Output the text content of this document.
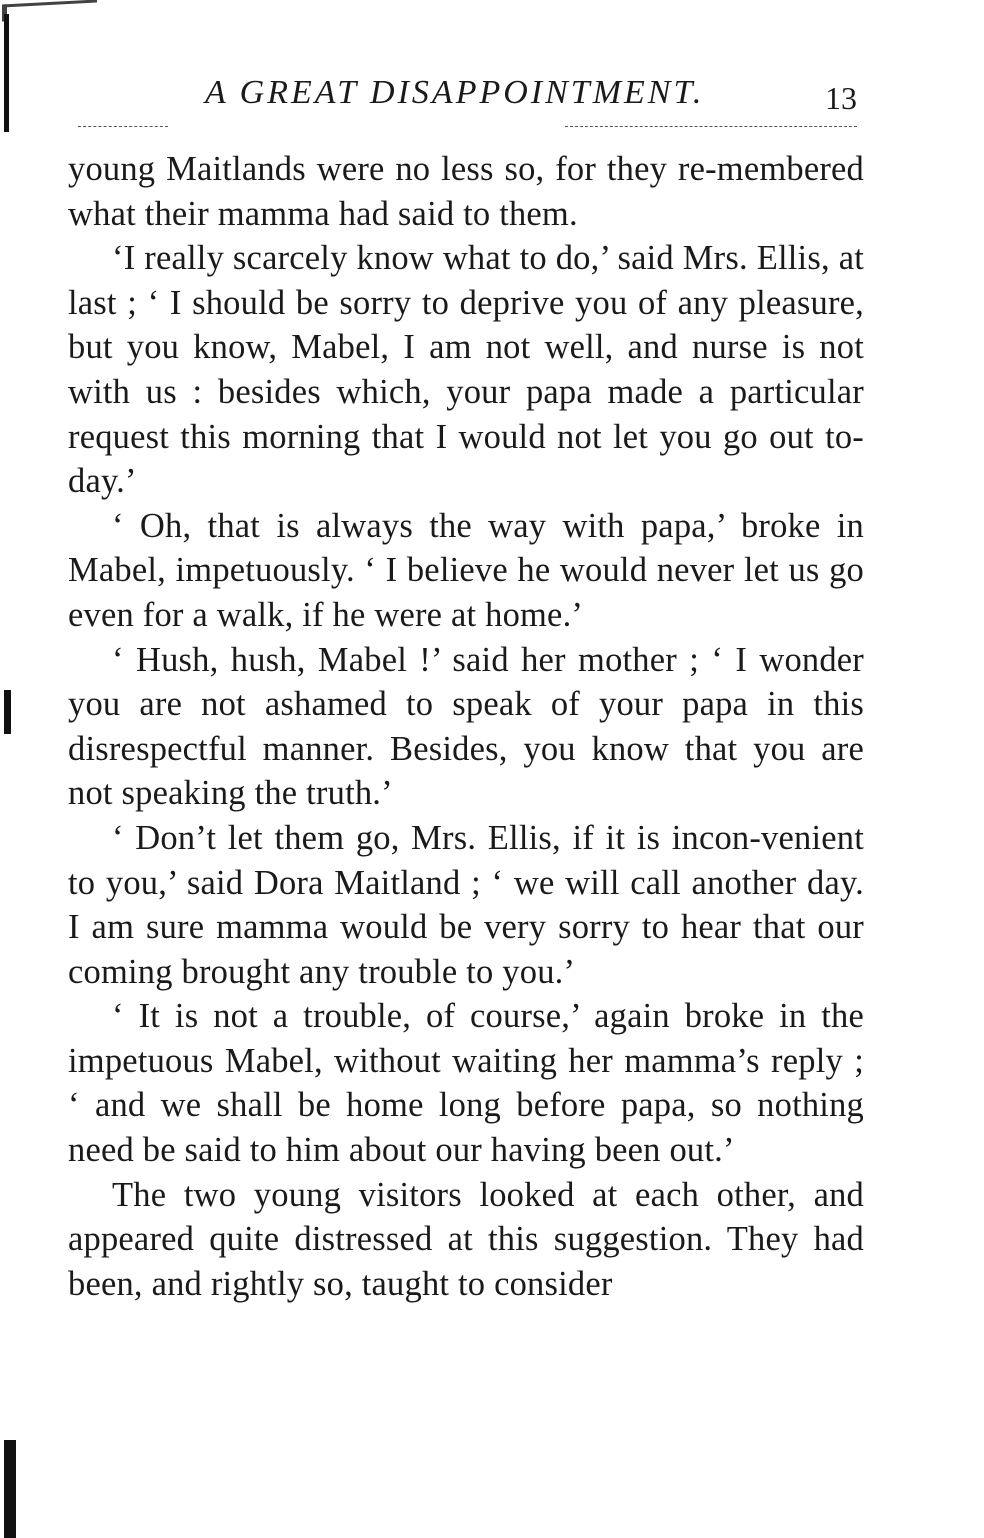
A GREAT DISAPPOINTMENT.	13

young Maitlands were no less so, for they re-membered what their mamma had said to them.

‘I really scarcely know what to do,’ said Mrs. Ellis, at last ; ‘ I should be sorry to deprive you of any pleasure, but you know, Mabel, I am not well, and nurse is not with us : besides which, your papa made a particular request this morning that I would not let you go out to-day.’

‘ Oh, that is always the way with papa,’ broke in Mabel, impetuously. ‘ I believe he would never let us go even for a walk, if he were at home.’

‘ Hush, hush, Mabel !’ said her mother ; ‘ I wonder you are not ashamed to speak of your papa in this disrespectful manner. Besides, you know that you are not speaking the truth.’

‘ Don’t let them go, Mrs. Ellis, if it is incon-venient to you,’ said Dora Maitland ; ‘ we will call another day. I am sure mamma would be very sorry to hear that our coming brought any trouble to you.’

‘ It is not a trouble, of course,’ again broke in the impetuous Mabel, without waiting her mamma’s reply ; ‘ and we shall be home long before papa, so nothing need be said to him about our having been out.’

The two young visitors looked at each other, and appeared quite distressed at this suggestion. They had been, and rightly so, taught to consider
